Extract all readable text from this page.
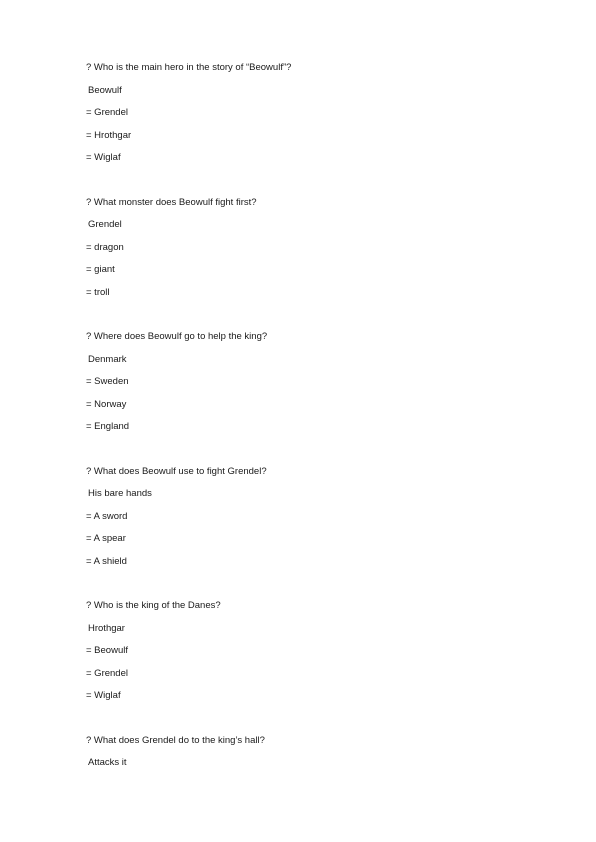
? Who is the main hero in the story of “Beowulf”?
Beowulf
= Grendel
= Hrothgar
= Wiglaf
? What monster does Beowulf fight first?
Grendel
= dragon
= giant
= troll
? Where does Beowulf go to help the king?
Denmark
= Sweden
= Norway
= England
? What does Beowulf use to fight Grendel?
His bare hands
= A sword
= A spear
= A shield
? Who is the king of the Danes?
Hrothgar
= Beowulf
= Grendel
= Wiglaf
? What does Grendel do to the king’s hall?
Attacks it
